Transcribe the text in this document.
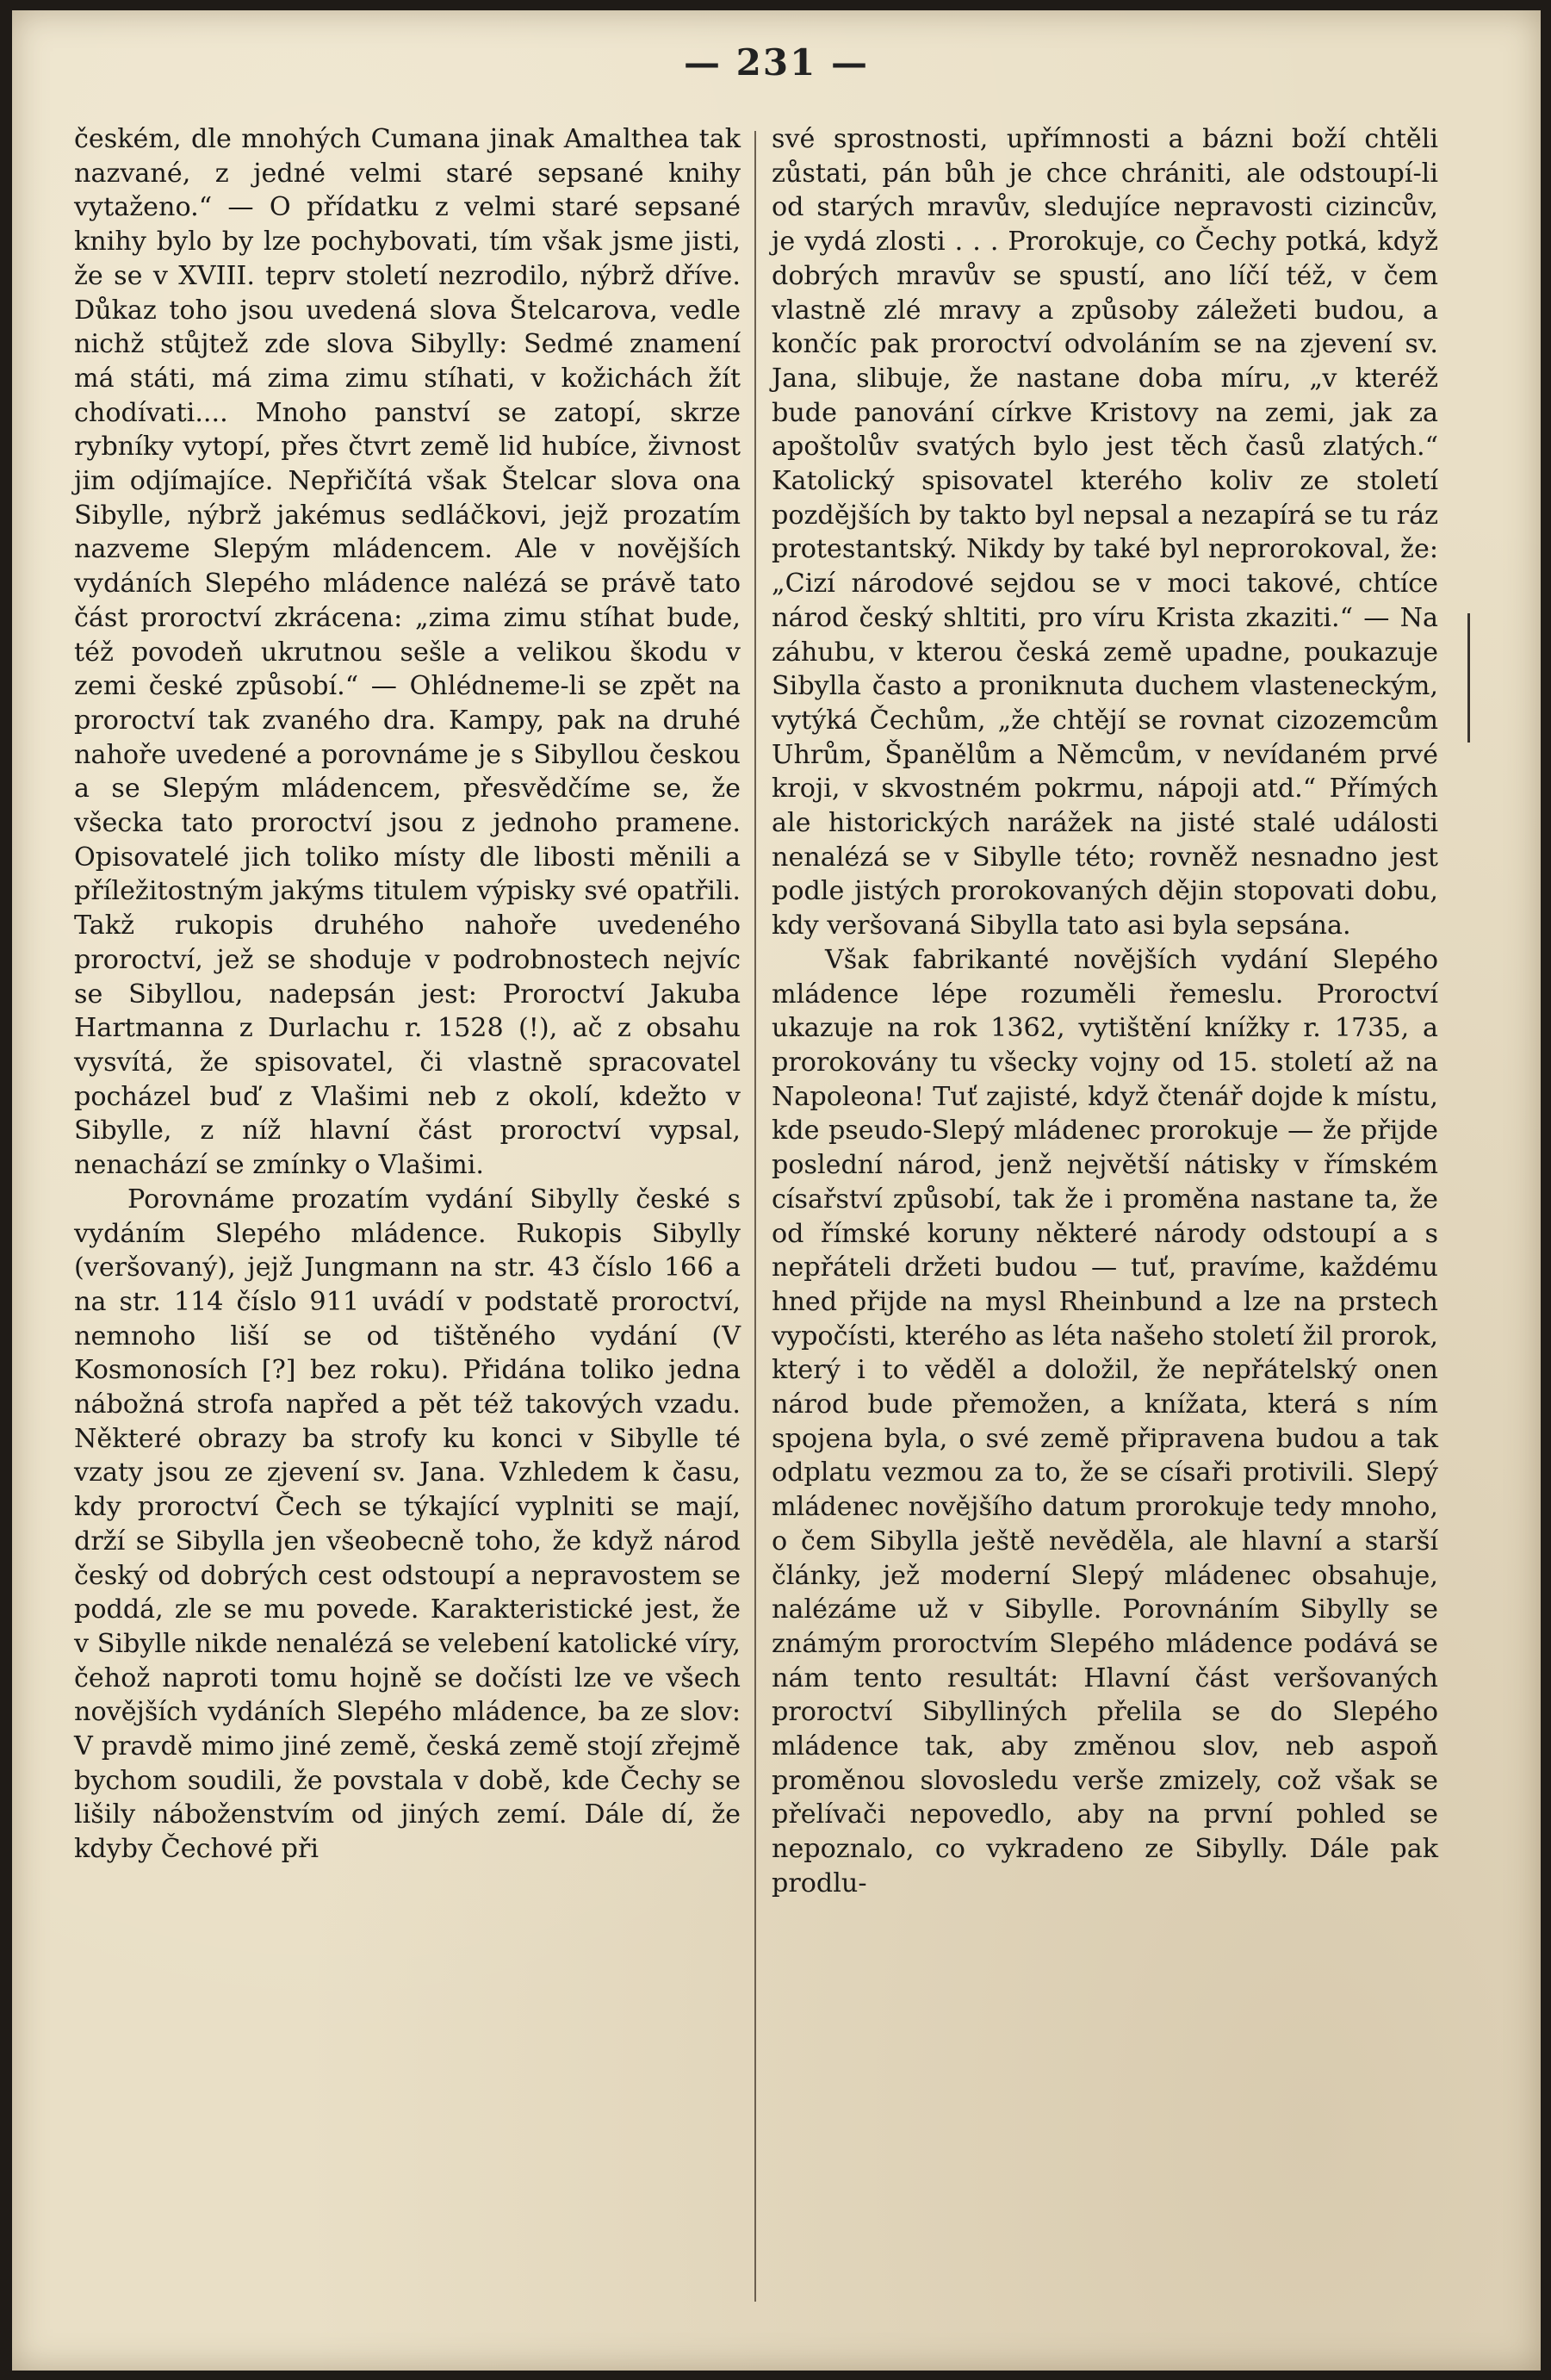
— 231 —

českém, dle mnohých Cumana jinak Amalthea tak nazvané, z jedné velmi staré sepsané knihy vytaženo.“ — O přídatku z velmi staré sepsané knihy bylo by lze pochybovati, tím však jsme jisti, že se v XVIII. teprv století nezrodilo, nýbrž dříve. Důkaz toho jsou uvedená slova Štelcarova, vedle nichž stůjtež zde slova Sibylly: Sedmé znamení má státi, má zima zimu stíhati, v kožichách žít chodívati.... Mnoho panství se zatopí, skrze rybníky vytopí, přes čtvrt země lid hubíce, živnost jim odjímajíce. Nepřičítá však Štelcar slova ona Sibylle, nýbrž jakémus sedláčkovi, jejž prozatím nazveme Slepým mládencem. Ale v novějších vydáních Slepého mládence nalézá se právě tato část proroctví zkrácena: „zima zimu stíhat bude, též povodeň ukrutnou sešle a velikou škodu v zemi české způsobí.“ — Ohlédneme-li se zpět na proroctví tak zvaného dra. Kampy, pak na druhé nahoře uvedené a porovnáme je s Sibyllou českou a se Slepým mládencem, přesvědčíme se, že všecka tato proroctví jsou z jednoho pramene. Opisovatelé jich toliko místy dle libosti měnili a příležitostným jakýms titulem výpisky své opatřili. Takž rukopis druhého nahoře uvedeného proroctví, jež se shoduje v podrobnostech nejvíc se Sibyllou, nadepsán jest: Proroctví Jakuba Hartmanna z Durlachu r. 1528 (!), ač z obsahu vysvítá, že spisovatel, či vlastně spracovatel pocházel buď z Vlašimi neb z okolí, kdežto v Sibylle, z níž hlavní část proroctví vypsal, nenachází se zmínky o Vlašimi.

Porovnáme prozatím vydání Sibylly české s vydáním Slepého mládence. Rukopis Sibylly (veršovaný), jejž Jungmann na str. 43 číslo 166 a na str. 114 číslo 911 uvádí v podstatě proroctví, nemnoho liší se od tištěného vydání (V Kosmonosích [?] bez roku). Přidána toliko jedna nábožná strofa napřed a pět též takových vzadu. Některé obrazy ba strofy ku konci v Sibylle té vzaty jsou ze zjevení sv. Jana. Vzhledem k času, kdy proroctví Čech se týkající vyplniti se mají, drží se Sibylla jen všeobecně toho, že když národ český od dobrých cest odstoupí a nepravostem se poddá, zle se mu povede. Karakteristické jest, že v Sibylle nikde nenalézá se velebení katolické víry, čehož naproti tomu hojně se dočísti lze ve všech novějších vydáních Slepého mládence, ba ze slov: V pravdě mimo jiné země, česká země stojí zřejmě bychom soudili, že povstala v době, kde Čechy se lišily náboženstvím od jiných zemí. Dále dí, že kdyby Čechové při

své sprostnosti, upřímnosti a bázni boží chtěli zůstati, pán bůh je chce chrániti, ale odstoupí-li od starých mravův, sledujíce nepravosti cizincův, je vydá zlosti . . . Prorokuje, co Čechy potká, když dobrých mravův se spustí, ano líčí též, v čem vlastně zlé mravy a způsoby záležeti budou, a končíc pak proroctví odvoláním se na zjevení sv. Jana, slibuje, že nastane doba míru, „v kteréž bude panování církve Kristovy na zemi, jak za apoštolův svatých bylo jest těch časů zlatých.“ Katolický spisovatel kterého koliv ze století pozdějších by takto byl nepsal a nezapírá se tu ráz protestantský. Nikdy by také byl neprorokoval, že: „Cizí národové sejdou se v moci takové, chtíce národ český shltiti, pro víru Krista zkaziti.“ — Na záhubu, v kterou česká země upadne, poukazuje Sibylla často a proniknuta duchem vlasteneckým, vytýká Čechům, „že chtějí se rovnat cizozemcům Uhrům, Španělům a Němcům, v nevídaném prvé kroji, v skvostném pokrmu, nápoji atd.“ Přímých ale historických narážek na jisté stalé události nenalézá se v Sibylle této; rovněž nesnadno jest podle jistých prorokovaných dějin stopovati dobu, kdy veršovaná Sibylla tato asi byla sepsána.

Však fabrikanté novějších vydání Slepého mládence lépe rozuměli řemeslu. Proroctví ukazuje na rok 1362, vytištění knížky r. 1735, a prorokovány tu všecky vojny od 15. století až na Napoleona! Tuť zajisté, když čtenář dojde k místu, kde pseudo-Slepý mládenec prorokuje — že přijde poslední národ, jenž největší nátisky v římském císařství způsobí, tak že i proměna nastane ta, že od římské koruny některé národy odstoupí a s nepřáteli držeti budou — tuť, pravíme, každému hned přijde na mysl Rheinbund a lze na prstech vypočísti, kterého as léta našeho století žil prorok, který i to věděl a doložil, že nepřátelský onen národ bude přemožen, a knížata, která s ním spojena byla, o své země připravena budou a tak odplatu vezmou za to, že se císaři protivili. Slepý mládenec novějšího datum prorokuje tedy mnoho, o čem Sibylla ještě nevěděla, ale hlavní a starší články, jež moderní Slepý mládenec obsahuje, nalézáme už v Sibylle. Porovnáním Sibylly se známým proroctvím Slepého mládence podává se nám tento resultát: Hlavní část veršovaných proroctví Sibylliných přelila se do Slepého mládence tak, aby změnou slov, neb aspoň proměnou slovosledu verše zmizely, což však se přelívači nepovedlo, aby na první pohled se nepoznalo, co vykradeno ze Sibylly. Dále pak prodlu-
